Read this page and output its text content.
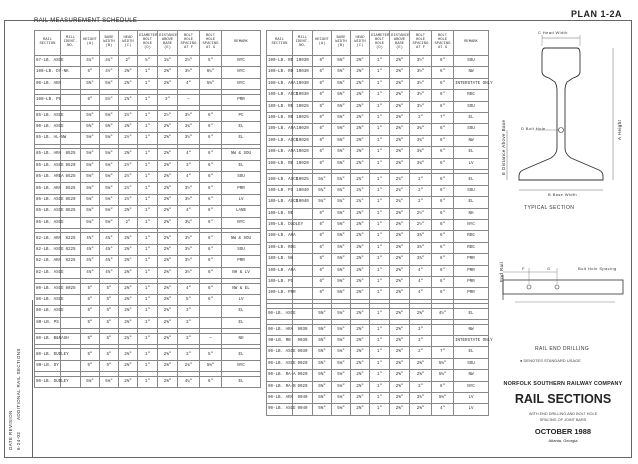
PLAN 1-2A
RAIL MEASUREMENT SCHEDULE
RAIL SECTION	MILL IDENT. NO.	HEIGHT (A)	BASE WIDTH (B)	HEAD WIDTH (C)	DIAMETER BOLT HOLE (D)	DISTANCE ABOVE BASE (E)	BOLT HOLE SPACING AT F	BOLT HOLE SPACING AT G	REMARK
67-LB. ASCE		4¼"	4¼"	2"	⅞"	1¾"	2½"	5"	NYC
100-LB. DY-NK		5"	4½"	2⅝"	1"	2⅝"	3½"	6¼"	NYC
90-LB. ARA		5⅝"	5⅛"	2⅝"	1"	2⅝"	4"	5⅛"	NYC

100-LB. PS		6"	5½"	2⅞"	1"	3"	—		PRR

85-LB. ASCE		5⅛"	5⅛"	2½"	1"	2½"	3½"	6"	PC
90-LB. ASCE		5⅜"	5⅜"	2⅝"	1"	2⅝"	3¾"	6"	EL
85-LB. AL-NW		5⅛"	5⅛"	2½"	1"	2⅝"	3½"	6"	EL

85-LB. ARA	8525	5⅛"	5⅛"	2⅝"	1"	2⅝"	4"	6"	NW & SOU
85-LB. ASCE	8520	5⅛"	5⅛"	2½"	1"	2⅝"	3"	6"	EL
85-LB. AREA	8525	5⅛"	5⅛"	2½"	1"	2⅝"	4"	6"	SOU
85-LB. ARA	8525	5⅛"	5⅛"	2½"	1"	2⅝"	3½"	6"	PRR
85-LB. ASCE	8520	5⅛"	5⅛"	2½"	1"	2⅝"	3½"	6"	LV
85-LB. ASCE	8525	5⅛"	5⅛"	2⅝"	1"	2⅝"	4"	6"	LANE
85-LB. ASCE		5⅛"	5⅛"	2"	1"	2⅝"	3¼"	6"	NYC

82-LB. ARA	8225	4⅞"	4⅞"	2⅜"	1"	2⅜"	3½"	6"	NW & SOU
82-LB. ASCE	8225	4⅞"	4⅞"	2⅜"	1"	2⅜"	3½"	6"	SOU
82-LB. ARA	8225	4⅞"	4⅞"	2⅜"	1"	2⅜"	3½"	6"	PRR
82-LB. ASCE		4⅞"	4⅞"	2⅜"	1"	2⅜"	3½"	6"	NH & LV

80-LB. ASCE	8025	5"	5"	2⅜"	1"	2⅜"	4"	6"	NW & EL
80-LB. ASCE		5"	5"	2⅜"	1"	2⅜"	5"	6"	LV
80-LB. ASCE		5"	5"	2⅜"	1"	2⅜"	3"		EL
80-LB. PS		5"	5"	2⅜"	1"	2⅜"	3"		EL

80-LB. B&NASH		5"	5"	2¾"	1"	2⅜"	3"	—	NH

80-LB. DUDLEY		5"	5"	2⅜"	1"	2⅜"	3"	5"	EL
80-LB. DY		5"	5"	2⅜"	1"	2⅜"	2¾"	5⅛"	NYC

80-LB. DUDLEY		5⅛"	5⅛"	2⅜"	1"	2⅜"	4¼"	6"	EL
RAIL SECTION	MILL IDENT. NO.	HEIGHT (A)	BASE WIDTH (B)	HEAD WIDTH (C)	DIAMETER BOLT HOLE (D)	DISTANCE ABOVE BASE (E)	BOLT HOLE SPACING AT F	BOLT HOLE SPACING AT G	REMARK
100-LB. RE	10030	6"	5⅜"	2⅝"	1"	2⅝"	3½"	6"	SOU
100-LB. RB	10030	6"	5⅜"	2⅝"	1"	2⅝"	3½"	6"	NW
100-LB. ARA	10030	6"	5⅜"	2⅝"	1"	2⅝"	3½"	6"	INTERSTATE ONLY
100-LB. ASCE	10030	6"	5⅜"	2⅝"	1"	2⅝"	3½"	6"	RDG
100-LB. RE	10025	6"	5⅜"	2⅝"	1"	2⅝"	3½"	6"	SOU
100-LB. RB	10025	6"	5⅜"	2⅝"	1"	2⅝"	2"	7"	EL
100-LB. ARA	10020	6"	5⅜"	2⅝"	1"	2⅝"	3¾"	6"	SOU
100-LB. ASCE	10020	6"	5⅜"	2⅝"	1"	2⅝"	3¾"	6"	NW
100-LB. ARA	10020	6"	5⅜"	2⅝"	1"	2⅝"	3¾"	6"	EL
100-LB. RE	10020	6"	5⅜"	2⅝"	1"	2⅝"	3¾"	6"	LV

100-LB. ASCE	10025	5¾"	5¾"	2¾"	1"	2¾"	2"	6"	EL
100-LB. PS	10040	5¾"	5¾"	2¾"	1"	2¾"	2"	6"	SOU
100-LB. ASCE	10040	5¾"	5¾"	2¾"	1"	2¾"	2"	6"	EL
100-LB. RE		6"	5⅜"	2⅝"	1"	2⅝"	2½"	6"	NH
100-LB. DUDLEY		6"	5⅜"	2⅝"	1"	2⅝"	2½"	6"	NYC
100-LB. ARA		6"	5⅜"	2⅝"	1"	2⅝"	3⅞"	6"	RDG
100-LB. RDG		6"	5⅜"	2⅝"	1"	2⅝"	3⅞"	6"	RDG
100-LB. NH		6"	5⅜"	2⅝"	1"	2⅝"	3⅞"	6"	PRR
100-LB. ARA		6"	5⅜"	2⅝"	1"	2⅝"	4"	6"	PRR
100-LB. PS		6"	5⅜"	2⅝"	1"	2⅝"	4"	6"	PRR
100-LB. PRR		6"	5⅜"	2⅝"	1"	2⅝"	4"	6"	PRR

90-LB. ASCE		5⅝"	5⅛"	2⅝"	1"	2⅝"	2⅜"	4½"	EL

90-LB. ARA	9030	5⅝"	5⅛"	2⅝"	1"	2⅝"	3"		NW
90-LB. RB	9030	5⅝"	5⅛"	2⅝"	1"	2⅝"	3"		INTERSTATE ONLY
90-LB. ASCE	9030	5⅝"	5⅛"	2⅝"	1"	2⅝"	2"	7"	EL
90-LB. ASCE	9020	5⅝"	5⅛"	2⅝"	1"	2⅝"	2⅜"	5⅛"	SOU
90-LB. RA-A	9020	5⅝"	5⅛"	2⅝"	1"	2⅝"	2⅜"	5⅛"	NW
90-LB. RA-B	9020	5⅝"	5⅛"	2⅝"	1"	2⅝"	3"	6"	NYC
90-LB. ARA	9040	5⅝"	5⅛"	2⅝"	1"	2⅝"	3⅞"	5⅛"	LV
90-LB. ASCE	9040	5⅝"	5⅛"	2⅝"	1"	2⅝"	2⅜"	4"	LV
C Head Width
A Height
D Bolt Hole
E Distance Above Base
B Base Width
TYPICAL SECTION
End Rail	F	G	Bolt Hole Spacing
RAIL END DRILLING
● DENOTES STANDARD USAGE
NORFOLK SOUTHERN RAILWAY COMPANY
RAIL SECTIONS
WITH END DRILLING AND BOLT HOLE
SPACING OF JOINT BARS
OCTOBER 1988
Atlanta, Georgia
DATE REVISION 6-24-02
ADDITIONAL RAIL SECTIONS
